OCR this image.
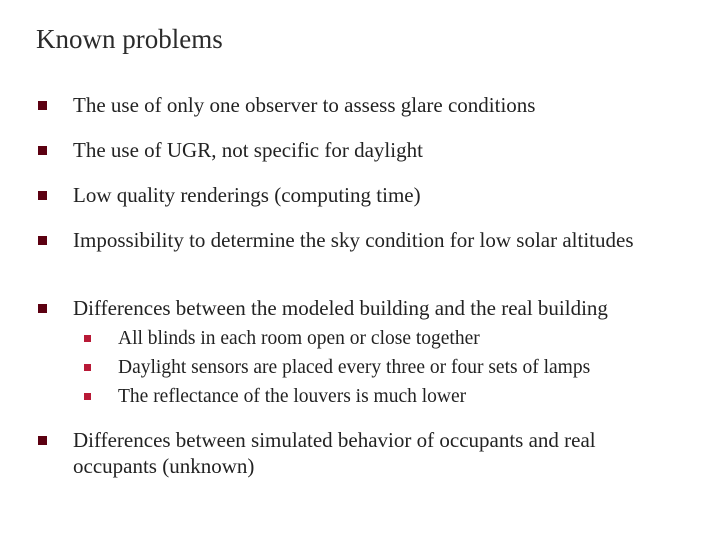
Known problems
The use of only one observer to assess glare conditions
The use of UGR, not specific for daylight
Low quality renderings (computing time)
Impossibility to determine the sky condition for low solar altitudes
Differences between the modeled building and the real building
All blinds in each room open or close together
Daylight sensors are placed every three or four sets of lamps
The reflectance of the louvers is much lower
Differences between simulated behavior of occupants and real occupants (unknown)
